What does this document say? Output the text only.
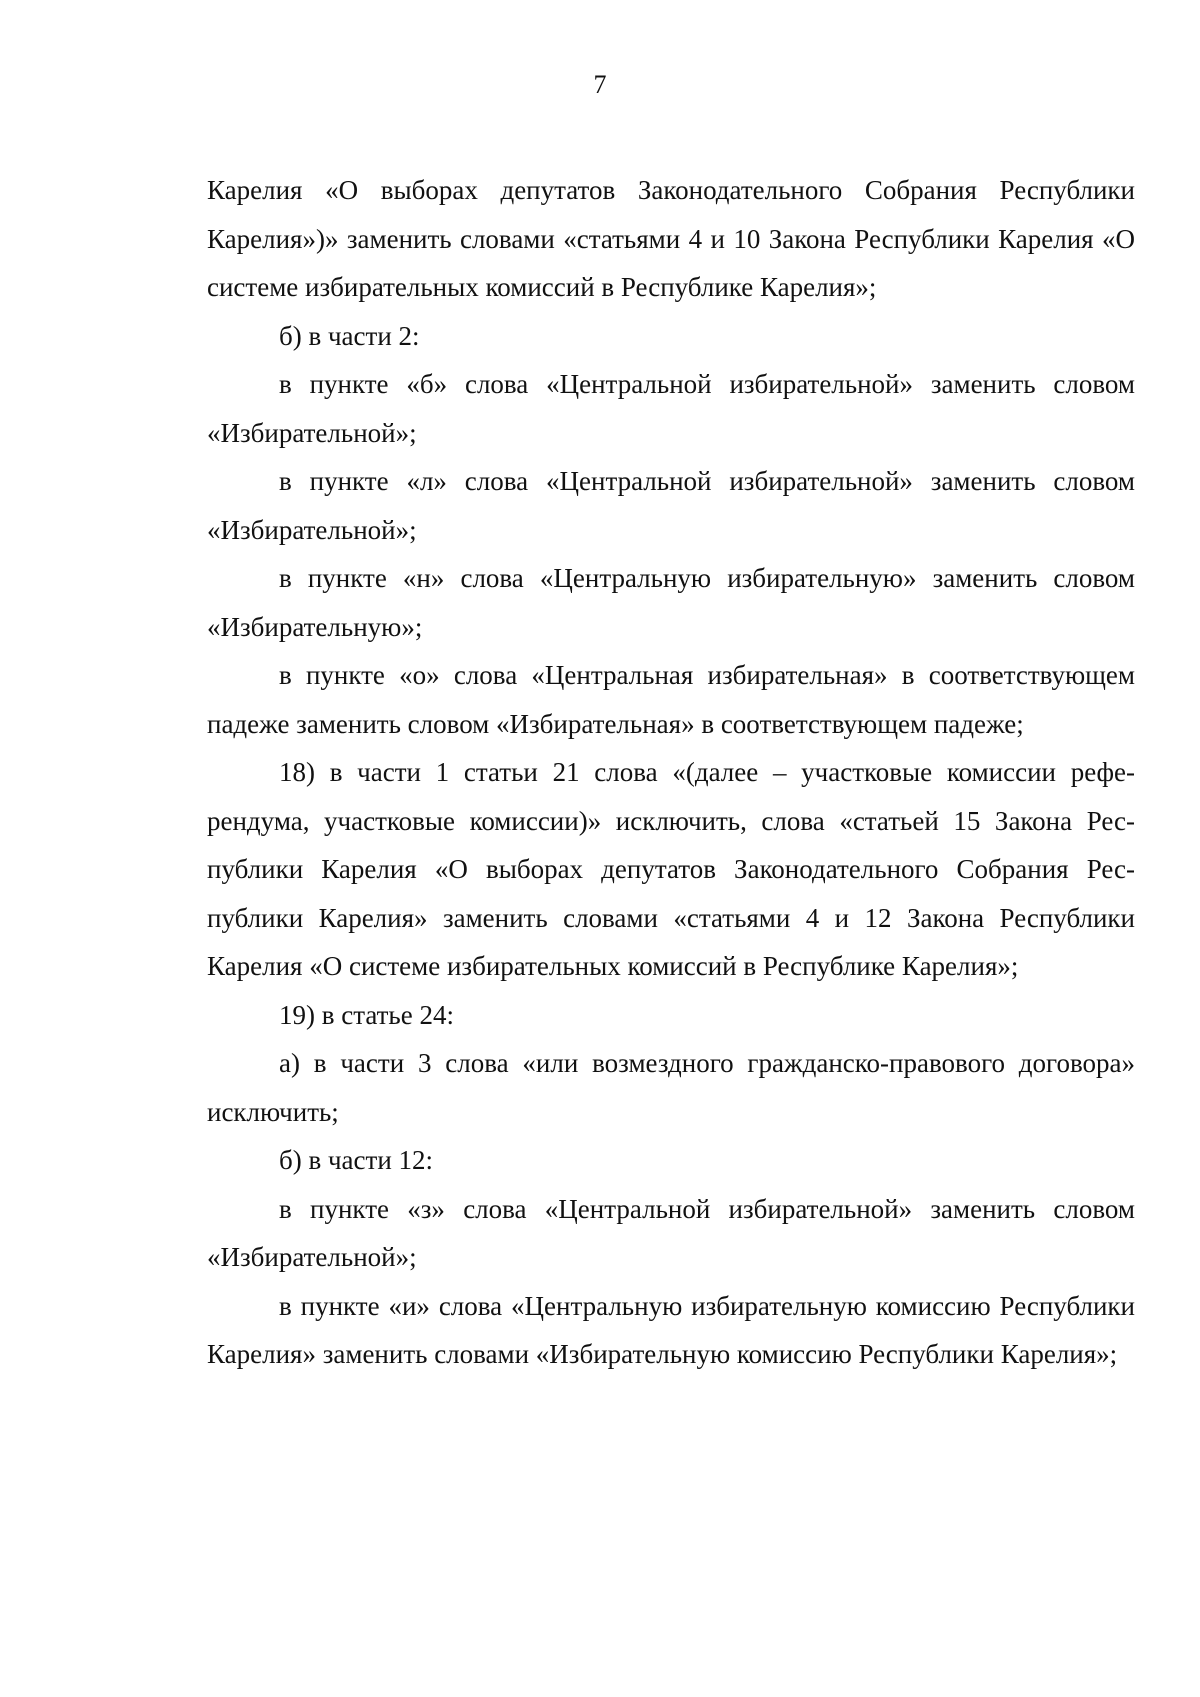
7

Карелия «О выборах депутатов Законодательного Собрания Республики Карелия»)» заменить словами «статьями 4 и 10 Закона Республики Карелия «О системе избирательных комиссий в Республике Карелия»;

б) в части 2:

в пункте «б» слова «Центральной избирательной» заменить словом «Избирательной»;

в пункте «л» слова «Центральной избирательной» заменить словом «Избирательной»;

в пункте «н» слова «Центральную избирательную» заменить словом «Избирательную»;

в пункте «о» слова «Центральная избирательная» в соответствующем падеже заменить словом «Избирательная» в соответствующем падеже;

18) в части 1 статьи 21 слова «(далее – участковые комиссии референдума, участковые комиссии)» исключить, слова «статьей 15 Закона Республики Карелия «О выборах депутатов Законодательного Собрания Республики Карелия» заменить словами «статьями 4 и 12 Закона Республики Карелия «О системе избирательных комиссий в Республике Карелия»;

19) в статье 24:

а) в части 3 слова «или возмездного гражданско-правового договора» исключить;

б) в части 12:

в пункте «з» слова «Центральной избирательной» заменить словом «Избирательной»;

в пункте «и» слова «Центральную избирательную комиссию Республики Карелия» заменить словами «Избирательную комиссию Республики Карелия»;
